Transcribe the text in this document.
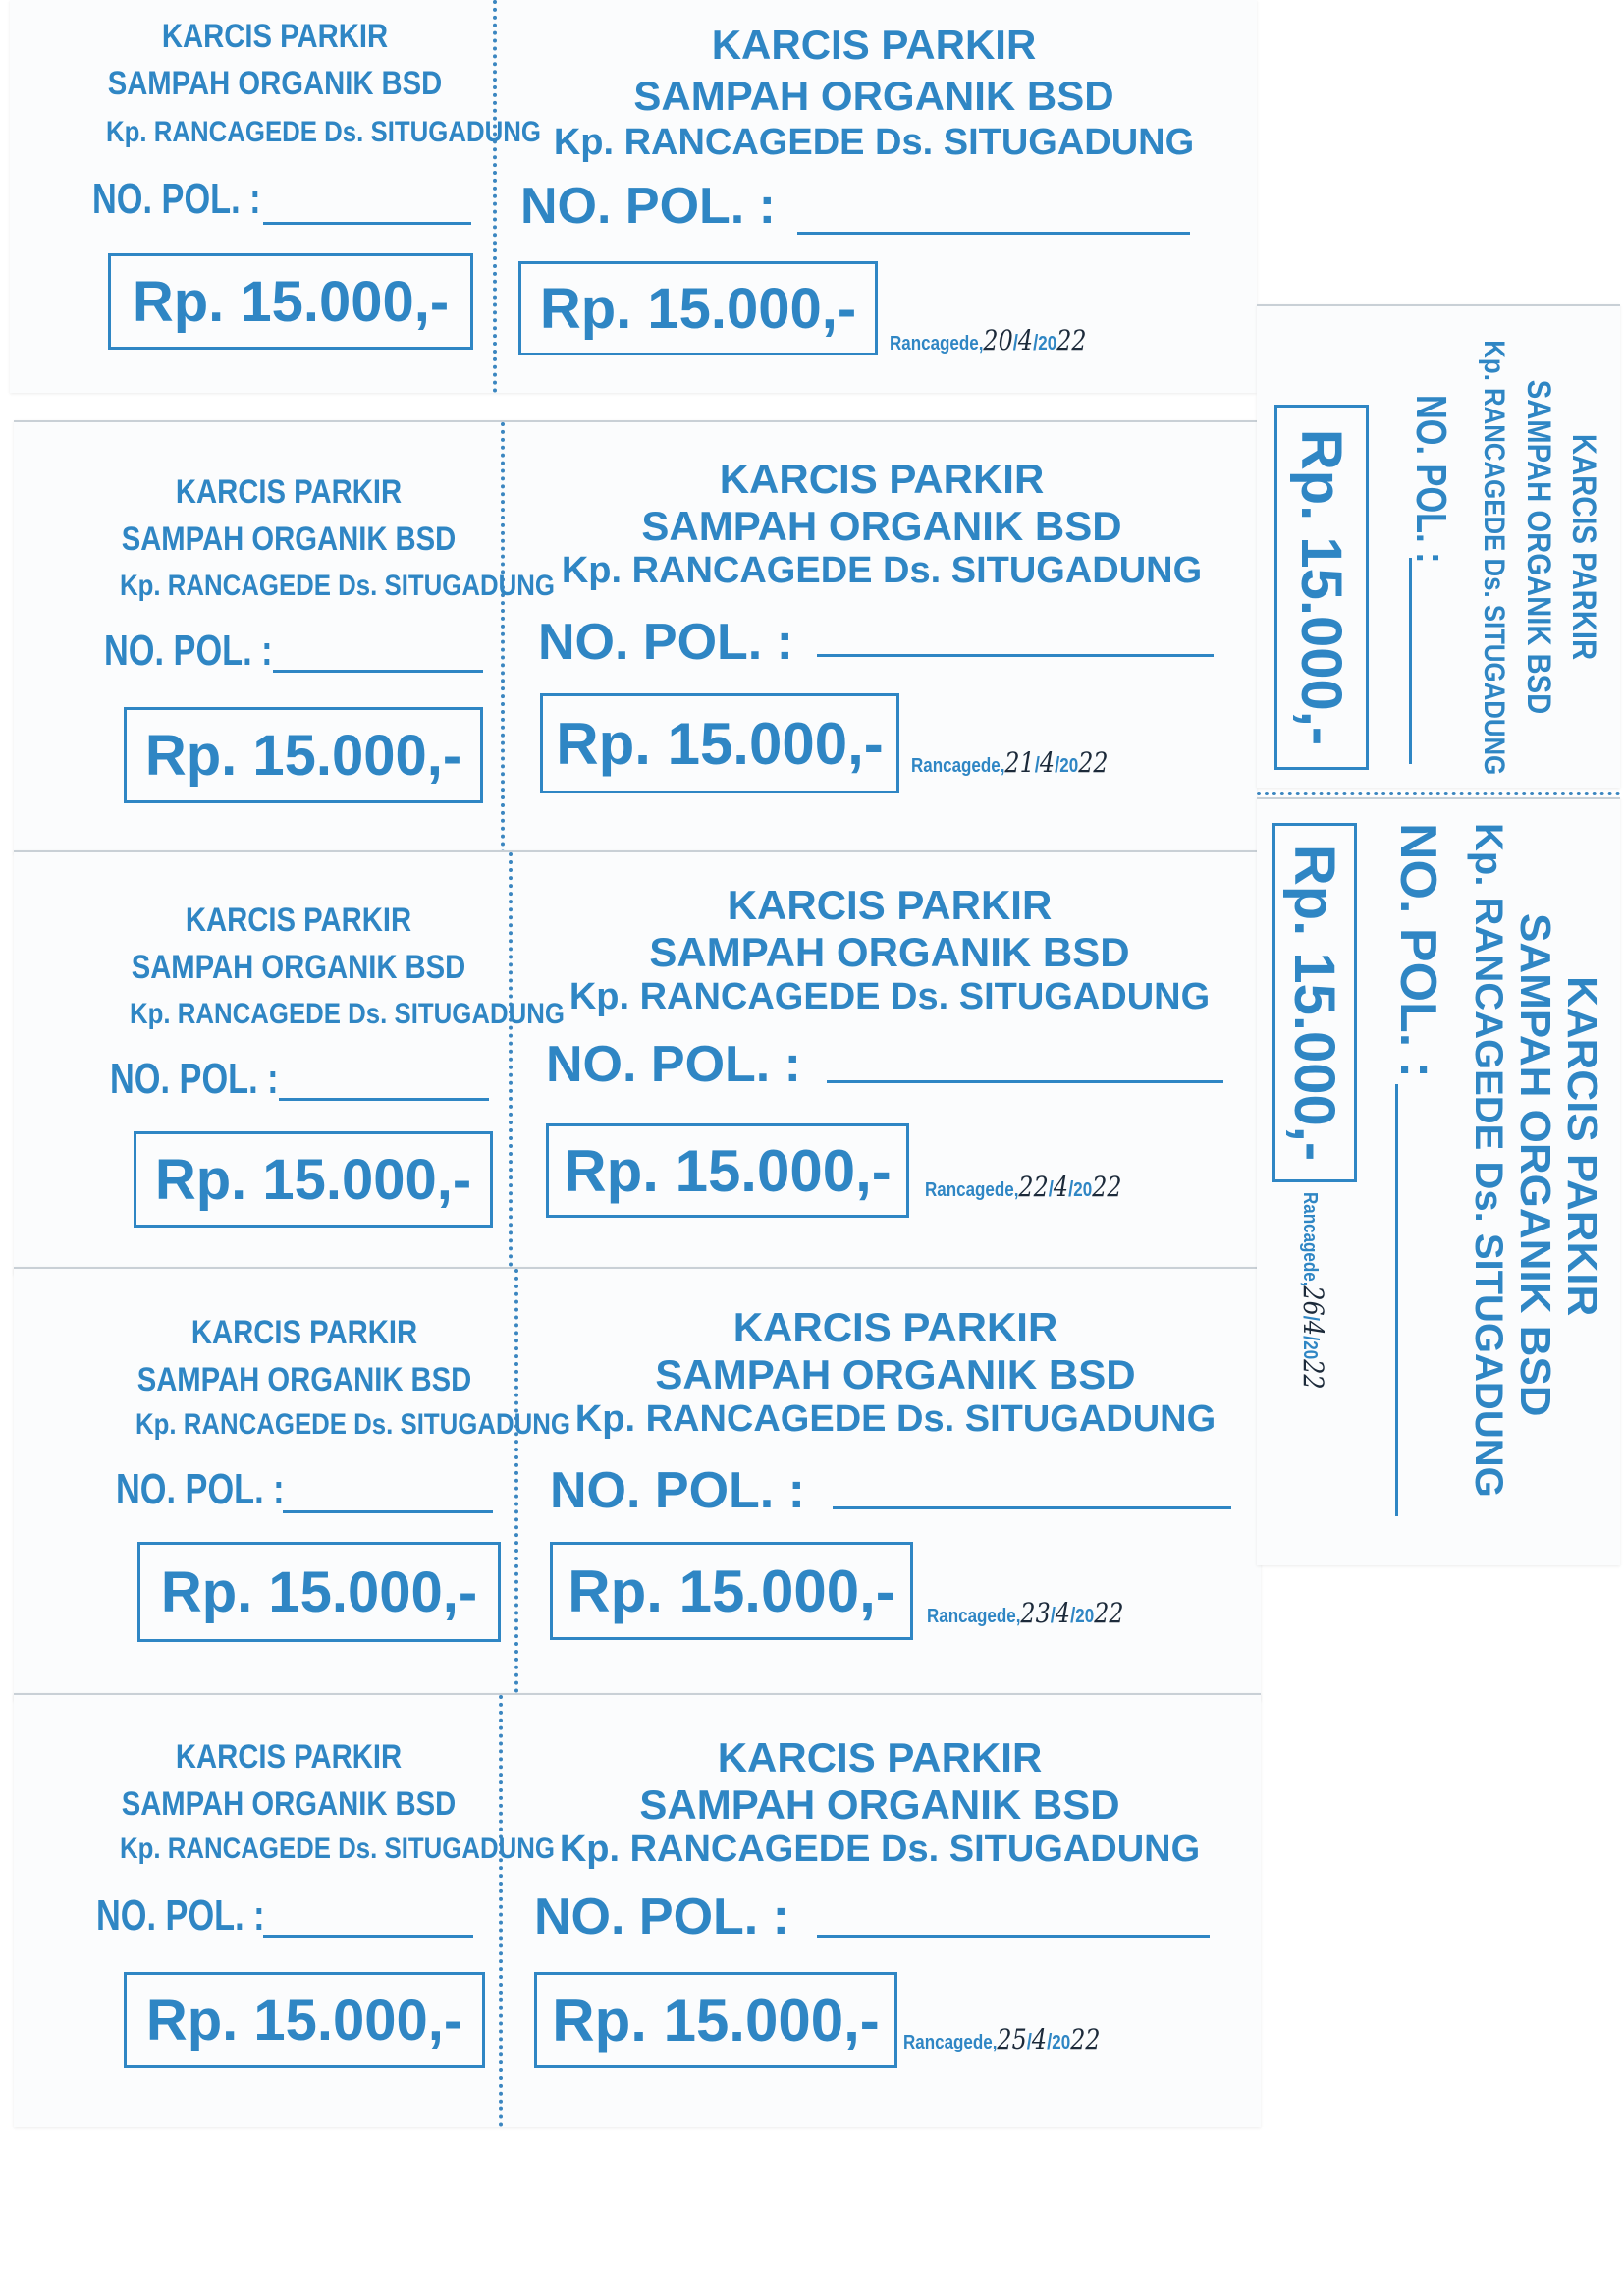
KARCIS PARKIR
SAMPAH ORGANIK BSD
Kp. RANCAGEDE Ds. SITUGADUNG
NO. POL. :
Rp. 15.000,-
KARCIS PARKIR
SAMPAH ORGANIK BSD
Kp. RANCAGEDE Ds. SITUGADUNG
NO. POL. :
Rp. 15.000,-
Rancagede,20/4/2022
KARCIS PARKIR
SAMPAH ORGANIK BSD
Kp. RANCAGEDE Ds. SITUGADUNG
NO. POL. :
Rp. 15.000,-
KARCIS PARKIR
SAMPAH ORGANIK BSD
Kp. RANCAGEDE Ds. SITUGADUNG
NO. POL. :
Rp. 15.000,-	Rancagede,21/4/2022
KARCIS PARKIR
SAMPAH ORGANIK BSD
Kp. RANCAGEDE Ds. SITUGADUNG
NO. POL. :
Rp. 15.000,-
KARCIS PARKIR
SAMPAH ORGANIK BSD
Kp. RANCAGEDE Ds. SITUGADUNG
NO. POL. :
Rp. 15.000,-	Rancagede,22/4/2022
KARCIS PARKIR
SAMPAH ORGANIK BSD
Kp. RANCAGEDE Ds. SITUGADUNG
NO. POL. :
Rp. 15.000,-
KARCIS PARKIR
SAMPAH ORGANIK BSD
Kp. RANCAGEDE Ds. SITUGADUNG
NO. POL. :
Rp. 15.000,-	Rancagede,23/4/2022
KARCIS PARKIR
SAMPAH ORGANIK BSD
Kp. RANCAGEDE Ds. SITUGADUNG
NO. POL. :
Rp. 15.000,-
KARCIS PARKIR
SAMPAH ORGANIK BSD
Kp. RANCAGEDE Ds. SITUGADUNG
NO. POL. :
Rp. 15.000,-	Rancagede,25/4/2022
KARCIS PARKIR
SAMPAH ORGANIK BSD
Kp. RANCAGEDE Ds. SITUGADUNG
NO. POL. :
Rp. 15.000,-
KARCIS PARKIR
SAMPAH ORGANIK BSD
Kp. RANCAGEDE Ds. SITUGADUNG
NO. POL. :
Rp. 15.000,-
Rancagede,26/4/2022
